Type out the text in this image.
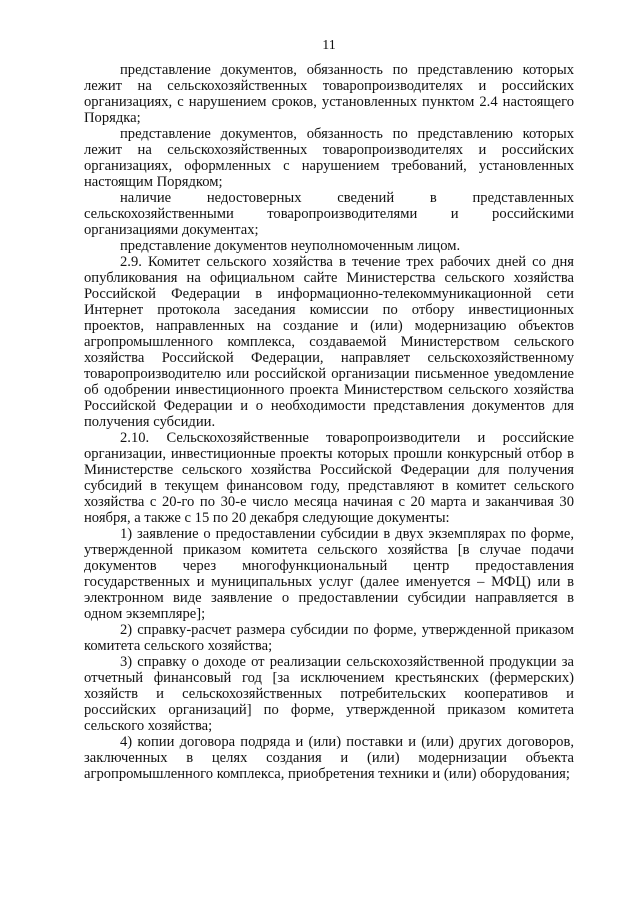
11

представление документов, обязанность по представлению которых лежит на сельскохозяйственных товаропроизводителях и российских организациях, с нарушением сроков, установленных пунктом 2.4 настоящего Порядка;

представление документов, обязанность по представлению которых лежит на сельскохозяйственных товаропроизводителях и российских организациях, оформленных с нарушением требований, установленных настоящим Порядком;

наличие недостоверных сведений в представленных сельскохозяйственными товаропроизводителями и российскими организациями документах;

представление документов неуполномоченным лицом.

2.9. Комитет сельского хозяйства в течение трех рабочих дней со дня опубликования на официальном сайте Министерства сельского хозяйства Российской Федерации в информационно-телекоммуникационной сети Интернет протокола заседания комиссии по отбору инвестиционных проектов, направленных на создание и (или) модернизацию объектов агропромышленного комплекса, создаваемой Министерством сельского хозяйства Российской Федерации, направляет сельскохозяйственному товаропроизводителю или российской организации письменное уведомление об одобрении инвестиционного проекта Министерством сельского хозяйства Российской Федерации и о необходимости представления документов для получения субсидии.

2.10. Сельскохозяйственные товаропроизводители и российские организации, инвестиционные проекты которых прошли конкурсный отбор в Министерстве сельского хозяйства Российской Федерации для получения субсидий в текущем финансовом году, представляют в комитет сельского хозяйства с 20-го по 30-е число месяца начиная с 20 марта и заканчивая 30 ноября, а также с 15 по 20 декабря следующие документы:

1) заявление о предоставлении субсидии в двух экземплярах по форме, утвержденной приказом комитета сельского хозяйства [в случае подачи документов через многофункциональный центр предоставления государственных и муниципальных услуг (далее именуется – МФЦ) или в электронном виде заявление о предоставлении субсидии направляется в одном экземпляре];

2) справку-расчет размера субсидии по форме, утвержденной приказом комитета сельского хозяйства;

3) справку о доходе от реализации сельскохозяйственной продукции за отчетный финансовый год [за исключением крестьянских (фермерских) хозяйств и сельскохозяйственных потребительских кооперативов и российских организаций] по форме, утвержденной приказом комитета сельского хозяйства;

4) копии договора подряда и (или) поставки и (или) других договоров, заключенных в целях создания и (или) модернизации объекта агропромышленного комплекса, приобретения техники и (или) оборудования;
